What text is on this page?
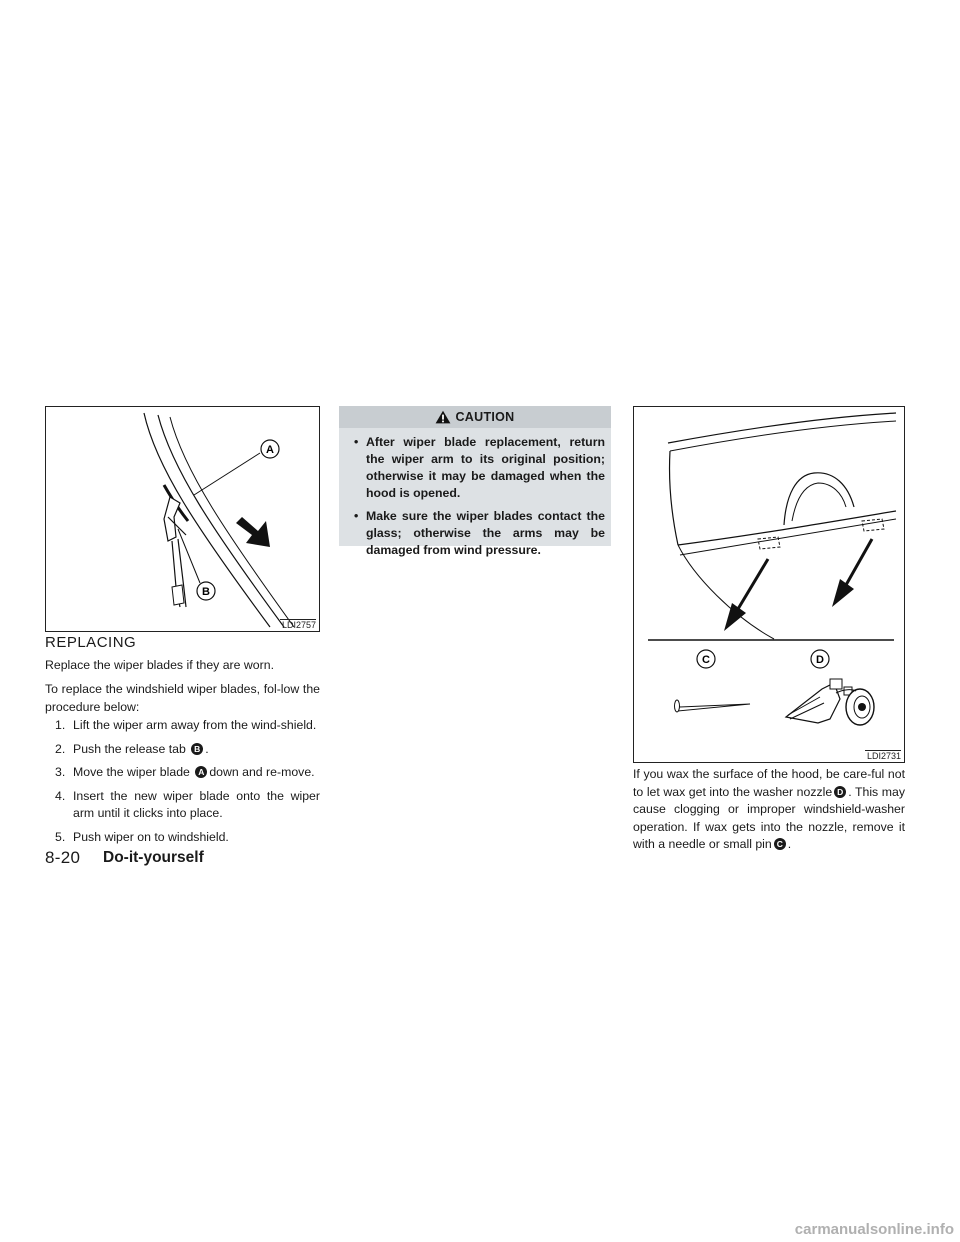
A
B
LDI2757
REPLACING

Replace the wiper blades if they are worn.

To replace the windshield wiper blades, fol-low the procedure below:

1. Lift the wiper arm away from the wind-shield.
2. Push the release tab B .
3. Move the wiper blade A down and re-move.
4. Insert the new wiper blade onto the wiper arm until it clicks into place.
5. Push wiper on to windshield.
CAUTION
• After wiper blade replacement, return the wiper arm to its original position; otherwise it may be damaged when the hood is opened.
• Make sure the wiper blades contact the glass; otherwise the arms may be damaged from wind pressure.
C	D
LDI2731

If you wax the surface of the hood, be care-ful not to let wax get into the washer nozzle D . This may cause clogging or improper windshield-washer operation. If wax gets into the nozzle, remove it with a needle or small pin C .

8-20 Do-it-yourself
carmanualsonline.info
